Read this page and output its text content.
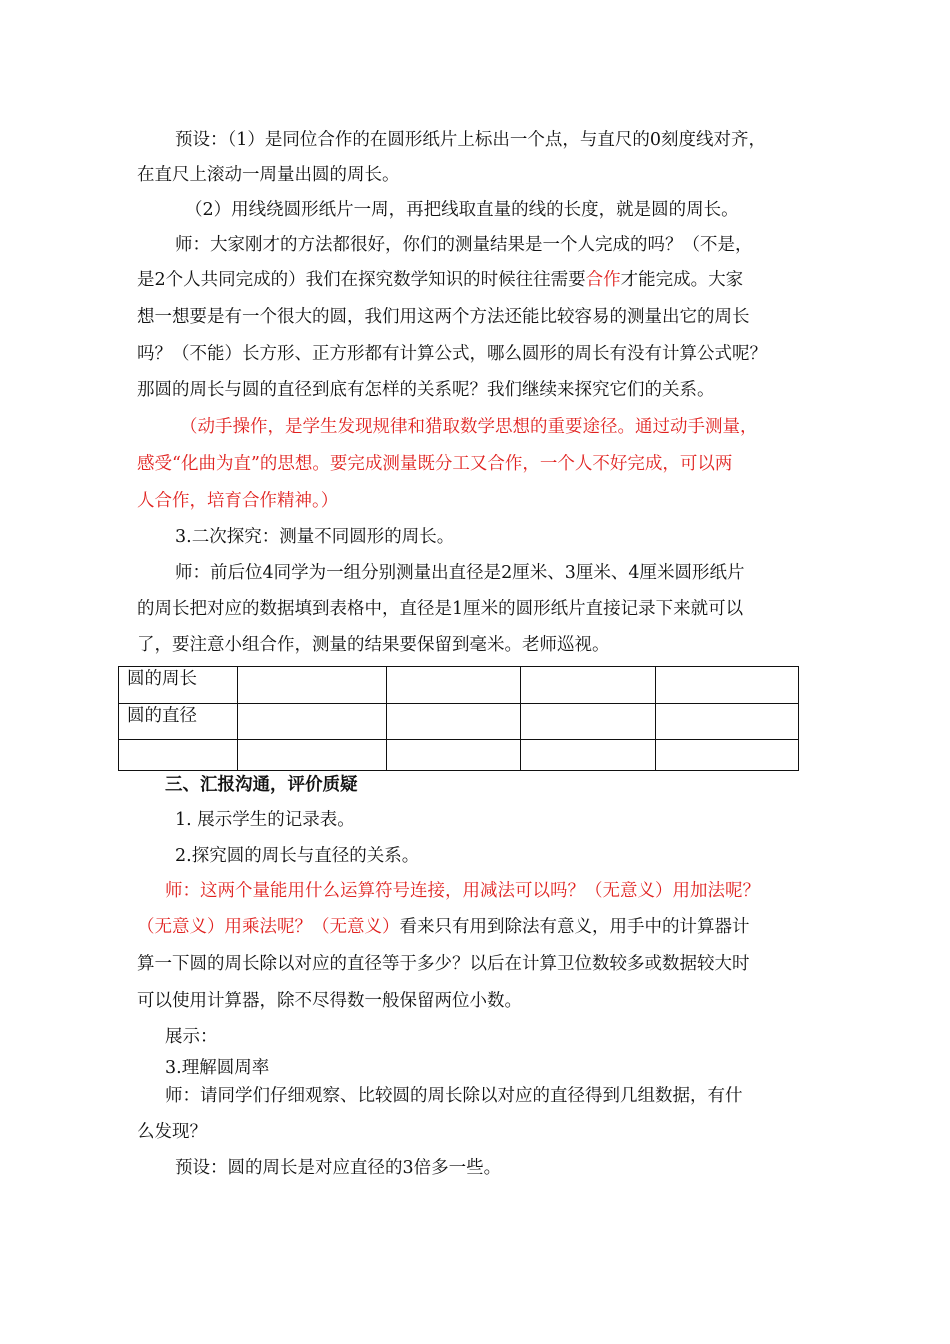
预设：（1）是同位合作的在圆形纸片上标出一个点，与直尺的0刻度线对齐，
在直尺上滚动一周量出圆的周长。
（2）用线绕圆形纸片一周，再把线取直量的线的长度，就是圆的周长。
师：大家刚才的方法都很好，你们的测量结果是一个人完成的吗？（不是，
是2个人共同完成的）我们在探究数学知识的时候往往需要合作才能完成。大家
想一想要是有一个很大的圆，我们用这两个方法还能比较容易的测量出它的周长
吗？（不能）长方形、正方形都有计算公式，哪么圆形的周长有没有计算公式呢？
那圆的周长与圆的直径到底有怎样的关系呢？我们继续来探究它们的关系。
（动手操作，是学生发现规律和猎取数学思想的重要途径。通过动手测量，
感受“化曲为直”的思想。要完成测量既分工又合作，一个人不好完成，可以两
人合作，培育合作精神。）
3.二次探究：测量不同圆形的周长。
师：前后位4同学为一组分别测量出直径是2厘米、3厘米、4厘米圆形纸片
的周长把对应的数据填到表格中，直径是1厘米的圆形纸片直接记录下来就可以
了，要注意小组合作，测量的结果要保留到毫米。老师巡视。
圆的周长				
圆的直径				

三、汇报沟通，评价质疑
1. 展示学生的记录表。
2.探究圆的周长与直径的关系。
师：这两个量能用什么运算符号连接，用减法可以吗？（无意义）用加法呢？
（无意义）用乘法呢？（无意义）看来只有用到除法有意义，用手中的计算器计
算一下圆的周长除以对应的直径等于多少？以后在计算卫位数较多或数据较大时
可以使用计算器，除不尽得数一般保留两位小数。
展示：
3.理解圆周率
师：请同学们仔细观察、比较圆的周长除以对应的直径得到几组数据，有什
么发现？
预设：圆的周长是对应直径的3倍多一些。
